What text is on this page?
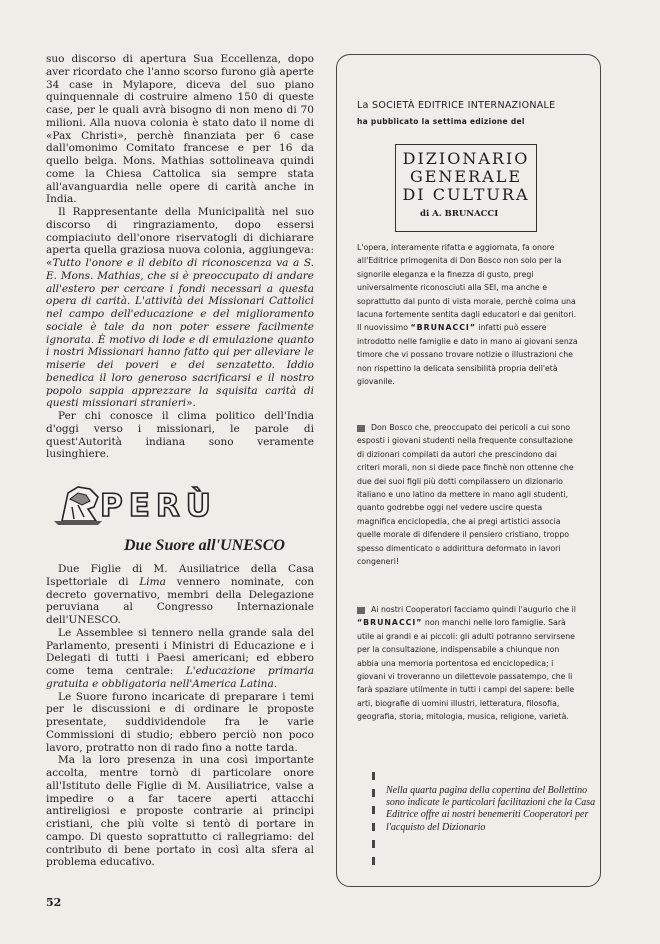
suo discorso di apertura Sua Eccellenza, dopo aver ricordato che l'anno scorso furono già aperte 34 case in Mylapore, diceva del suo piano quinquennale di costruire almeno 150 di queste case, per le quali avrà bisogno di non meno di 70 milioni. Alla nuova colonia è stato dato il nome di «Pax Christi», perchè finanziata per 6 case dall'omonimo Comitato francese e per 16 da quello belga. Mons. Mathias sottolineava quindi come la Chiesa Cattolica sia sempre stata all'avanguardia nelle opere di carità anche in India.

Il Rappresentante della Municipalità nel suo discorso di ringraziamento, dopo essersi compiaciuto dell'onore riservatogli di dichiarare aperta quella graziosa nuova colonia, aggiungeva: «Tutto l'onore e il debito di riconoscenza va a S. E. Mons. Mathias, che si è preoccupato di andare all'estero per cercare i fondi necessari a questa opera di carità. L'attività dei Missionari Cattolici nel campo dell'educazione e del miglioramento sociale è tale da non poter essere facilmente ignorata. È motivo di lode e di emulazione quanto i nostri Missionari hanno fatto qui per alleviare le miserie dei poveri e dei senzatetto. Iddio benedica il loro generoso sacrificarsi e il nostro popolo sappia apprezzare la squisita carità di questi missionari stranieri».

Per chi conosce il clima politico dell'India d'oggi verso i missionari, le parole di quest'Autorità indiana sono veramente lusinghiere.

PERÙ
Due Suore all'UNESCO

Due Figlie di M. Ausiliatrice della Casa Ispettoriale di Lima vennero nominate, con decreto governativo, membri della Delegazione peruviana al Congresso Internazionale dell'UNESCO.

Le Assemblee si tennero nella grande sala del Parlamento, presenti i Ministri di Educazione e i Delegati di tutti i Paesi americani; ed ebbero come tema centrale: L'educazione primaria gratuita e obbligatoria nell'America Latina.

Le Suore furono incaricate di preparare i temi per le discussioni e di ordinare le proposte presentate, suddividendole fra le varie Commissioni di studio; ebbero perciò non poco lavoro, protratto non di rado fino a notte tarda.

Ma la loro presenza in una così importante accolta, mentre tornò di particolare onore all'Istituto delle Figlie di M. Ausiliatrice, valse a impedire o a far tacere aperti attacchi antireligiosi e proposte contrarie ai principi cristiani, che più volte si tentò di portare in campo. Di questo soprattutto ci rallegriamo: del contributo di bene portato in così alta sfera al problema educativo.

52
La SOCIETÀ EDITRICE INTERNAZIONALE
ha pubblicato la settima edizione del
DIZIONARIO
GENERALE
DI CULTURA
di A. BRUNACCI
L'opera, interamente rifatta e aggiornata, fa onore all'Editrice primogenita di Don Bosco non solo per la signorile eleganza e la finezza di gusto, pregi universalmente riconosciuti alla SEI, ma anche e soprattutto dal punto di vista morale, perchè colma una lacuna fortemente sentita dagli educatori e dai genitori. Il nuovissimo “BRUNACCI” infatti può essere introdotto nelle famiglie e dato in mano ai giovani senza timore che vi possano trovare notizie o illustrazioni che non rispettino la delicata sensibilità propria dell'età giovanile.
Don Bosco che, preoccupato dei pericoli a cui sono esposti i giovani studenti nella frequente consultazione di dizionari compilati da autori che prescindono dai criteri morali, non si diede pace finchè non ottenne che due dei suoi figli più dotti compilassero un dizionario italiano e uno latino da mettere in mano agli studenti, quanto godrebbe oggi nel vedere uscire questa magnifica enciclopedia, che ai pregi artistici associa quelle morale di difendere il pensiero cristiano, troppo spesso dimenticato o addirittura deformato in lavori congeneri!
Ai nostri Cooperatori facciamo quindi l'augurio che il “BRUNACCI” non manchi nelle loro famiglie. Sarà utile ai grandi e ai piccoli: gli adulti potranno servirsene per la consultazione, indispensabile a chiunque non abbia una memoria portentosa ed enciclopedica; i giovani vi troveranno un dilettevole passatempo, che li farà spaziare utilmente in tutti i campi del sapere: belle arti, biografie di uomini illustri, letteratura, filosofia, geografia, storia, mitologia, musica, religione, varietà.
Nella quarta pagina della copertina del Bollettino sono indicate le particolari facilitazioni che la Casa Editrice offre ai nostri benemeriti Cooperatori per l'acquisto del Dizionario
